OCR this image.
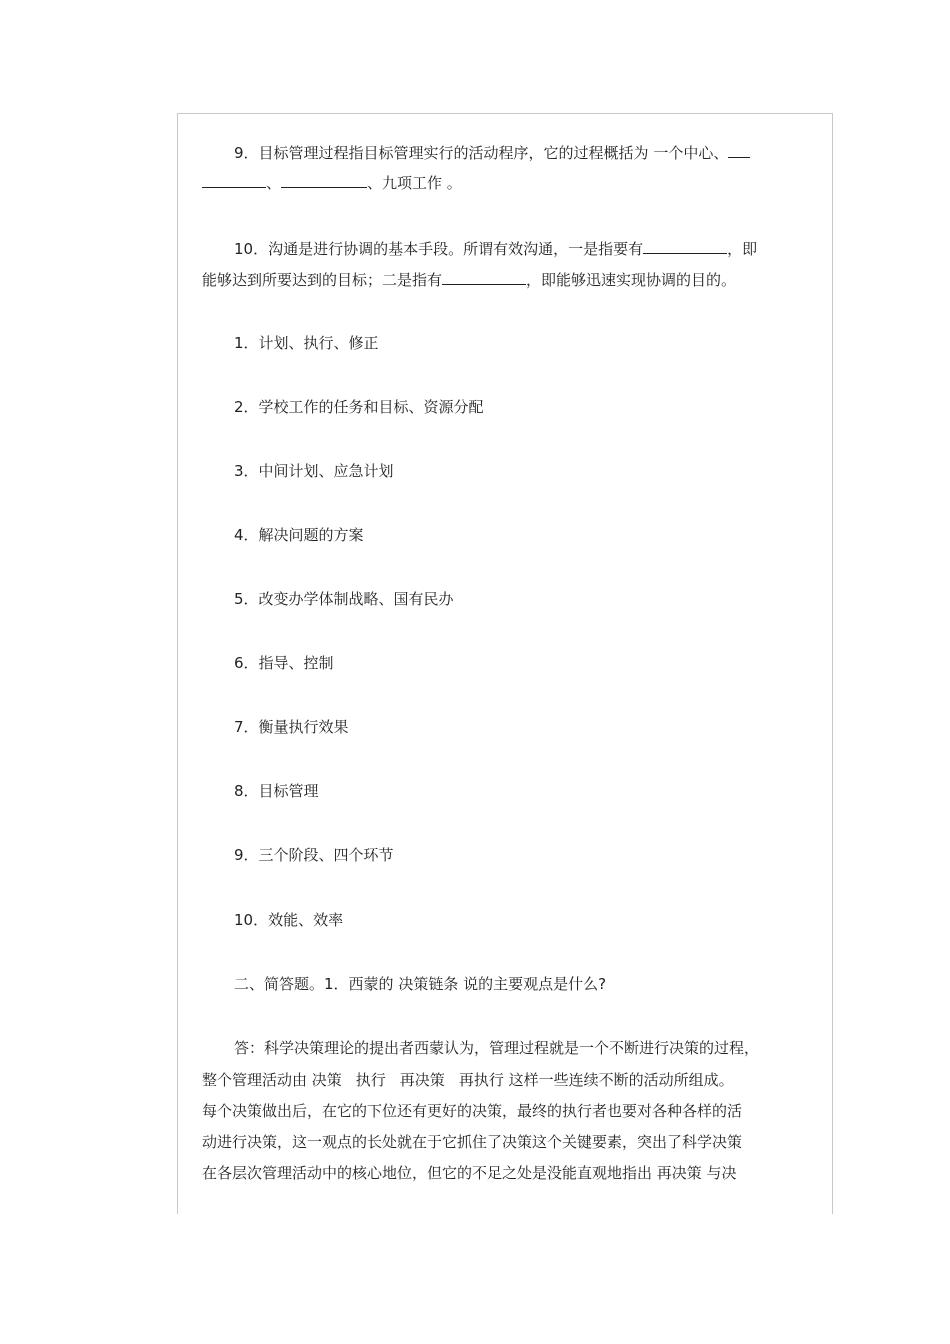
9．目标管理过程指目标管理实行的活动程序，它的过程概括为 一个中心、
、	、九项工作 。
10．沟通是进行协调的基本手段。所谓有效沟通，一是指要有	，即
能够达到所要达到的目标；二是指有	，即能够迅速实现协调的目的。
1．计划、执行、修正
2．学校工作的任务和目标、资源分配
3．中间计划、应急计划
4．解决问题的方案
5．改变办学体制战略、国有民办
6．指导、控制
7．衡量执行效果
8．目标管理
9．三个阶段、四个环节
10．效能、效率
二、简答题。1．西蒙的 决策链条 说的主要观点是什么?
答：科学决策理论的提出者西蒙认为，管理过程就是一个不断进行决策的过程，
整个管理活动由 决策 执行 再决策 再执行 这样一些连续不断的活动所组成。
每个决策做出后，在它的下位还有更好的决策，最终的执行者也要对各种各样的活
动进行决策，这一观点的长处就在于它抓住了决策这个关键要素，突出了科学决策
在各层次管理活动中的核心地位，但它的不足之处是没能直观地指出 再决策 与决
